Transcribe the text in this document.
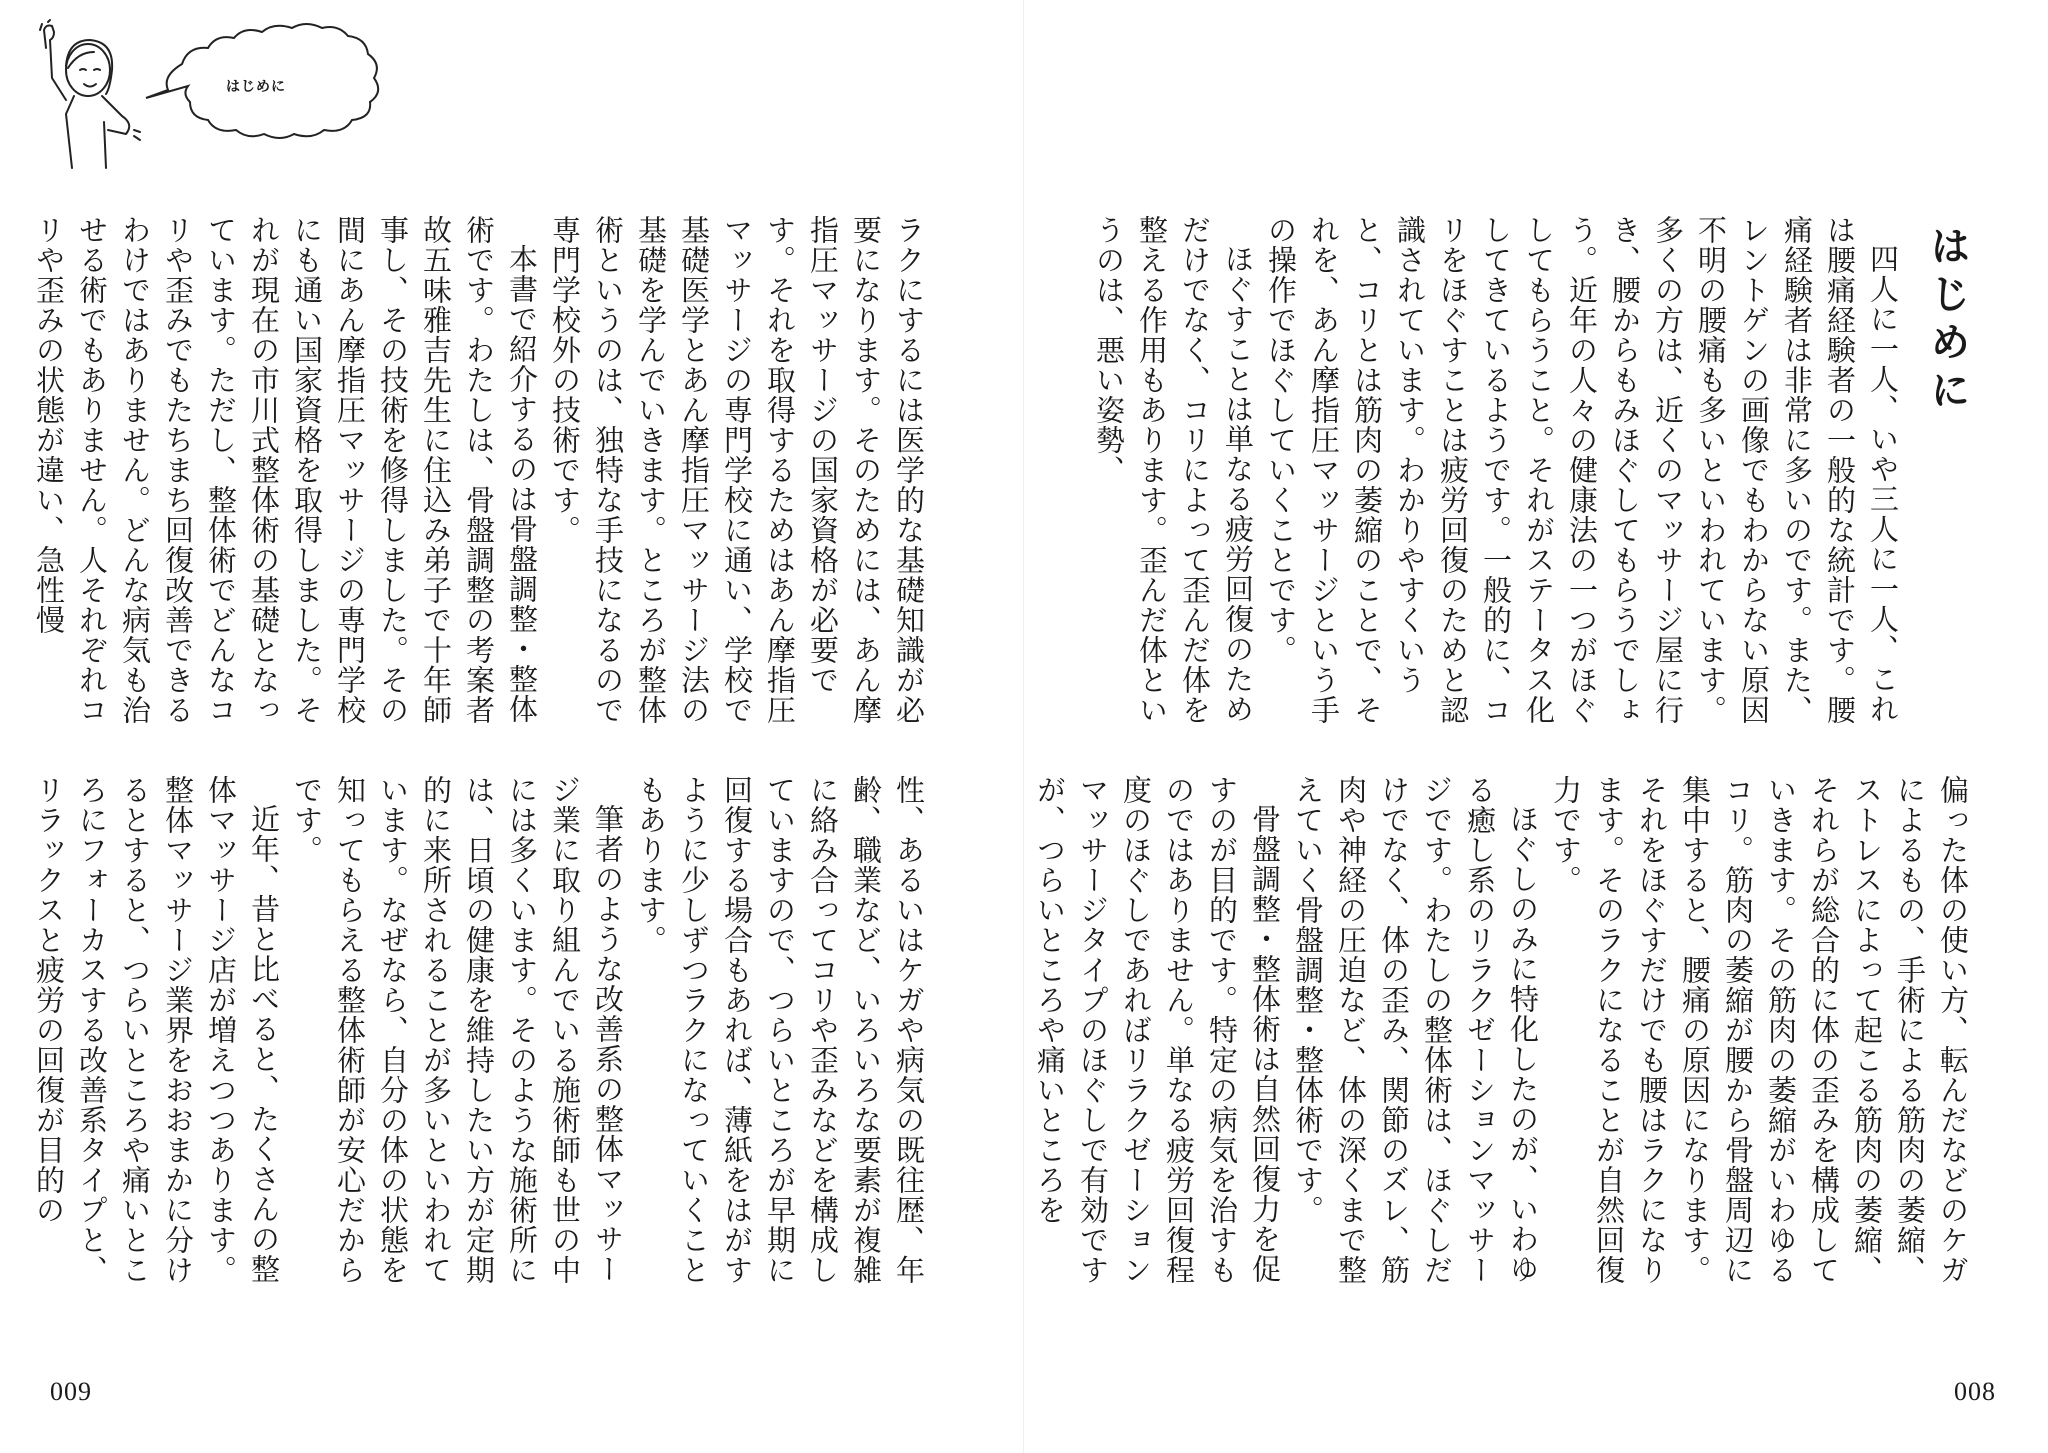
はじめに

ラクにするには医学的な基礎知識が必要になります。そのためには、あん摩指圧マッサージの国家資格が必要です。それを取得するためはあん摩指圧マッサージの専門学校に通い、学校で基礎医学とあん摩指圧マッサージ法の基礎を学んでいきます。ところが整体術というのは、独特な手技になるので専門学校外の技術です。

本書で紹介するのは骨盤調整・整体術です。わたしは、骨盤調整の考案者故五味雅吉先生に住込み弟子で十年師事し、その技術を修得しました。その間にあん摩指圧マッサージの専門学校にも通い国家資格を取得しました。それが現在の市川式整体術の基礎となっています。ただし、整体術でどんなコリや歪みでもたちまち回復改善できるわけではありません。どんな病気も治せる術でもありません。人それぞれコリや歪みの状態が違い、急性慢

性、あるいはケガや病気の既往歴、年齢、職業など、いろいろな要素が複雑に絡み合ってコリや歪みなどを構成していますので、つらいところが早期に回復する場合もあれば、薄紙をはがすように少しずつラクになっていくこともあります。

筆者のような改善系の整体マッサージ業に取り組んでいる施術師も世の中には多くいます。そのような施術所には、日頃の健康を維持したい方が定期的に来所されることが多いといわれています。なぜなら、自分の体の状態を知ってもらえる整体術師が安心だからです。

近年、昔と比べると、たくさんの整体マッサージ店が増えつつあります。整体マッサージ業界をおおまかに分けるとすると、つらいところや痛いところにフォーカスする改善系タイプと、リラックスと疲労の回復が目的の

009
はじめに

四人に一人、いや三人に一人、これは腰痛経験者の一般的な統計です。腰痛経験者は非常に多いのです。また、レントゲンの画像でもわからない原因不明の腰痛も多いといわれています。多くの方は、近くのマッサージ屋に行き、腰からもみほぐしてもらうでしょう。近年の人々の健康法の一つがほぐしてもらうこと。それがステータス化してきているようです。一般的に、コリをほぐすことは疲労回復のためと認識されています。わかりやすくいうと、コリとは筋肉の萎縮のことで、それを、あん摩指圧マッサージという手の操作でほぐしていくことです。

ほぐすことは単なる疲労回復のためだけでなく、コリによって歪んだ体を整える作用もあります。歪んだ体というのは、悪い姿勢、

偏った体の使い方、転んだなどのケガによるもの、手術による筋肉の萎縮、ストレスによって起こる筋肉の萎縮、それらが総合的に体の歪みを構成していきます。その筋肉の萎縮がいわゆるコリ。筋肉の萎縮が腰から骨盤周辺に集中すると、腰痛の原因になります。それをほぐすだけでも腰はラクになります。そのラクになることが自然回復力です。

ほぐしのみに特化したのが、いわゆる癒し系のリラクゼーションマッサージです。わたしの整体術は、ほぐしだけでなく、体の歪み、関節のズレ、筋肉や神経の圧迫など、体の深くまで整えていく骨盤調整・整体術です。

骨盤調整・整体術は自然回復力を促すのが目的です。特定の病気を治すものではありません。単なる疲労回復程度のほぐしであればリラクゼーションマッサージタイプのほぐしで有効ですが、つらいところや痛いところを

008
